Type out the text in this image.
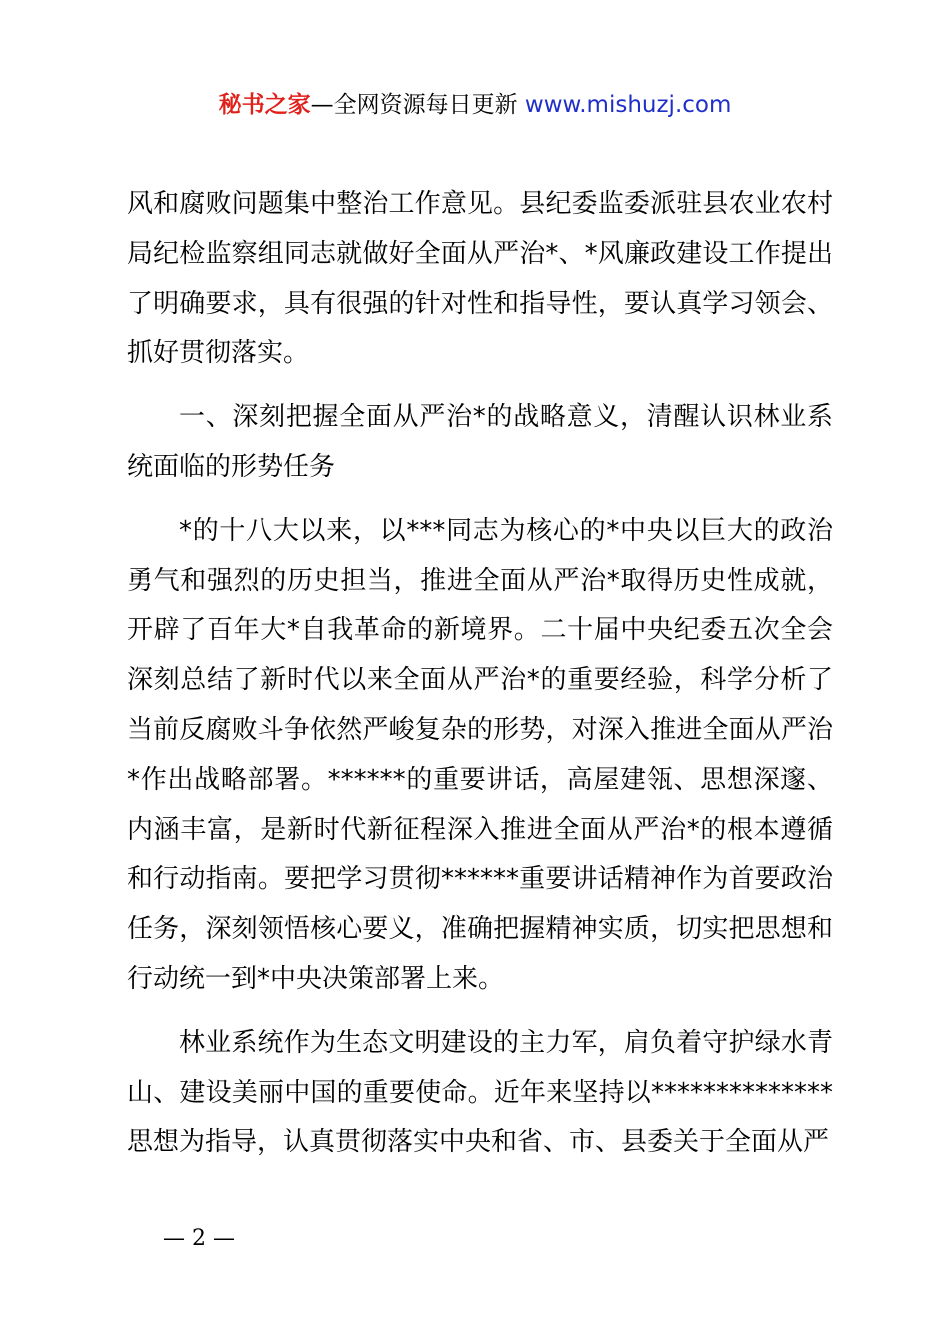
秘书之家—全网资源每日更新 www.mishuzj.com

风和腐败问题集中整治工作意见。县纪委监委派驻县农业农村局纪检监察组同志就做好全面从严治*、*风廉政建设工作提出了明确要求，具有很强的针对性和指导性，要认真学习领会、抓好贯彻落实。

一、深刻把握全面从严治*的战略意义，清醒认识林业系统面临的形势任务

*的十八大以来，以***同志为核心的*中央以巨大的政治勇气和强烈的历史担当，推进全面从严治*取得历史性成就，开辟了百年大*自我革命的新境界。二十届中央纪委五次全会深刻总结了新时代以来全面从严治*的重要经验，科学分析了当前反腐败斗争依然严峻复杂的形势，对深入推进全面从严治*作出战略部署。******的重要讲话，高屋建瓴、思想深邃、内涵丰富，是新时代新征程深入推进全面从严治*的根本遵循和行动指南。要把学习贯彻******重要讲话精神作为首要政治任务，深刻领悟核心要义，准确把握精神实质，切实把思想和行动统一到*中央决策部署上来。

林业系统作为生态文明建设的主力军，肩负着守护绿水青山、建设美丽中国的重要使命。近年来坚持以**************思想为指导，认真贯彻落实中央和省、市、县委关于全面从严

— 2 —
